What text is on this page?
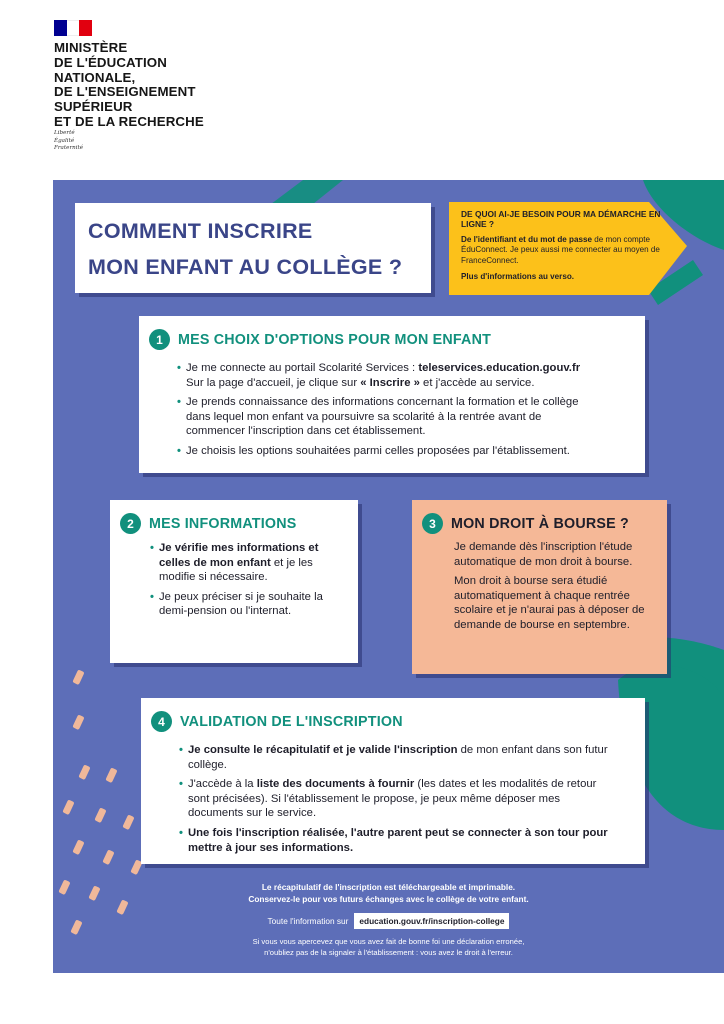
MINISTÈRE
DE L'ÉDUCATION
NATIONALE,
DE L'ENSEIGNEMENT
SUPÉRIEUR
ET DE LA RECHERCHE
Liberté
Égalité
Fraternité
COMMENT INSCRIRE
MON ENFANT AU COLLÈGE ?
DE QUOI AI-JE BESOIN POUR MA DÉMARCHE EN LIGNE ?
De l'identifiant et du mot de passe de mon compte ÉduConnect. Je peux aussi me connecter au moyen de FranceConnect.
Plus d'informations au verso.
1	MES CHOIX D'OPTIONS POUR MON ENFANT
• Je me connecte au portail Scolarité Services : teleservices.education.gouv.fr
Sur la page d'accueil, je clique sur « Inscrire » et j'accède au service.
• Je prends connaissance des informations concernant la formation et le collège dans lequel mon enfant va poursuivre sa scolarité à la rentrée avant de commencer l'inscription dans cet établissement.
• Je choisis les options souhaitées parmi celles proposées par l'établissement.
2	MES INFORMATIONS
• Je vérifie mes informations et celles de mon enfant et je les modifie si nécessaire.
• Je peux préciser si je souhaite la demi-pension ou l'internat.
3	MON DROIT À BOURSE ?

Je demande dès l'inscription l'étude automatique de mon droit à bourse.

Mon droit à bourse sera étudié automatiquement à chaque rentrée scolaire et je n'aurai pas à déposer de demande de bourse en septembre.

4	VALIDATION DE L'INSCRIPTION
• Je consulte le récapitulatif et je valide l'inscription de mon enfant dans son futur collège.
• J'accède à la liste des documents à fournir (les dates et les modalités de retour sont précisées). Si l'établissement le propose, je peux même déposer mes documents sur le service.
• Une fois l'inscription réalisée, l'autre parent peut se connecter à son tour pour mettre à jour ses informations.
Le récapitulatif de l'inscription est téléchargeable et imprimable.
Conservez-le pour vos futurs échanges avec le collège de votre enfant.
Toute l'information sur	education.gouv.fr/inscription-college
Si vous vous apercevez que vous avez fait de bonne foi une déclaration erronée,
n'oubliez pas de la signaler à l'établissement : vous avez le droit à l'erreur.
